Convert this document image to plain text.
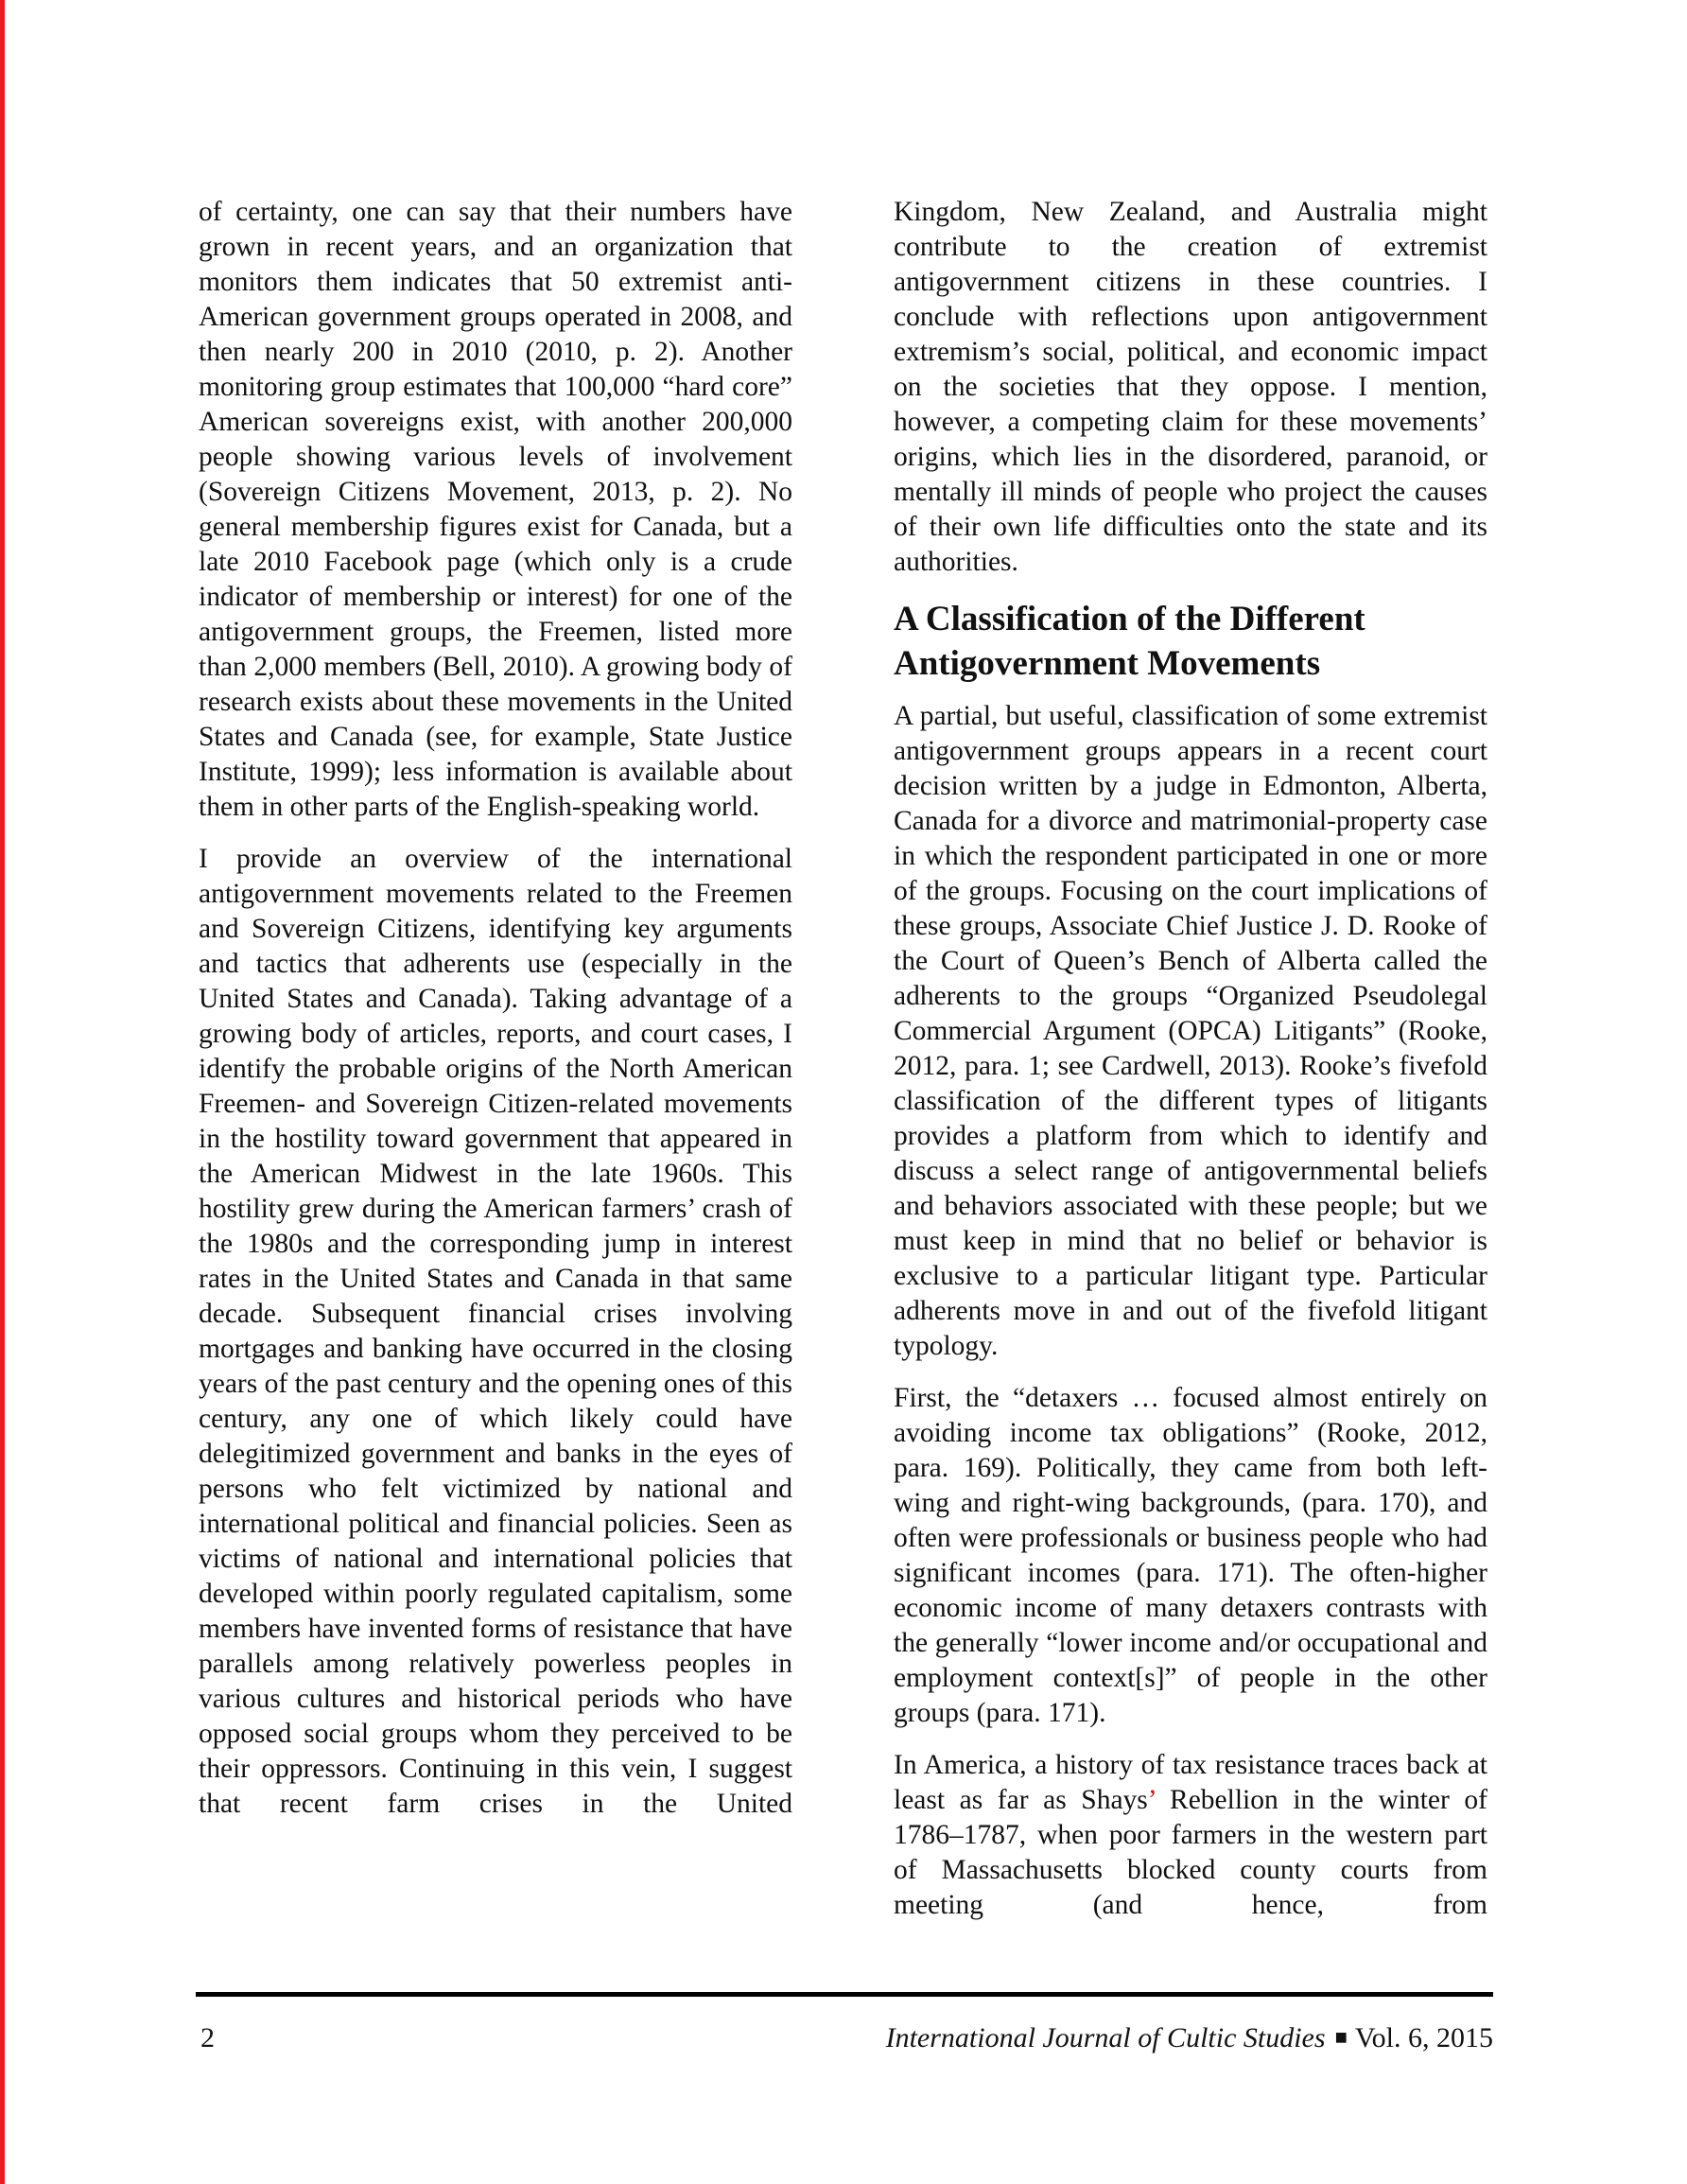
of certainty, one can say that their numbers have grown in recent years, and an organization that monitors them indicates that 50 extremist anti-American government groups operated in 2008, and then nearly 200 in 2010 (2010, p. 2). Another monitoring group estimates that 100,000 “hard core” American sovereigns exist, with another 200,000 people showing various levels of involvement (Sovereign Citizens Movement, 2013, p. 2). No general membership figures exist for Canada, but a late 2010 Facebook page (which only is a crude indicator of membership or interest) for one of the antigovernment groups, the Freemen, listed more than 2,000 members (Bell, 2010). A growing body of research exists about these movements in the United States and Canada (see, for example, State Justice Institute, 1999); less information is available about them in other parts of the English-speaking world.

I provide an overview of the international antigovernment movements related to the Freemen and Sovereign Citizens, identifying key arguments and tactics that adherents use (especially in the United States and Canada). Taking advantage of a growing body of articles, reports, and court cases, I identify the probable origins of the North American Freemen- and Sovereign Citizen-related movements in the hostility toward government that appeared in the American Midwest in the late 1960s. This hostility grew during the American farmers’ crash of the 1980s and the corresponding jump in interest rates in the United States and Canada in that same decade. Subsequent financial crises involving mortgages and banking have occurred in the closing years of the past century and the opening ones of this century, any one of which likely could have delegitimized government and banks in the eyes of persons who felt victimized by national and international political and financial policies. Seen as victims of national and international policies that developed within poorly regulated capitalism, some members have invented forms of resistance that have parallels among relatively powerless peoples in various cultures and historical periods who have opposed social groups whom they perceived to be their oppressors. Continuing in this vein, I suggest that recent farm crises in the United

Kingdom, New Zealand, and Australia might contribute to the creation of extremist antigovernment citizens in these countries. I conclude with reflections upon antigovernment extremism’s social, political, and economic impact on the societies that they oppose. I mention, however, a competing claim for these movements’ origins, which lies in the disordered, paranoid, or mentally ill minds of people who project the causes of their own life difficulties onto the state and its authorities.

A Classification of the Different
Antigovernment Movements

A partial, but useful, classification of some extremist antigovernment groups appears in a recent court decision written by a judge in Edmonton, Alberta, Canada for a divorce and matrimonial-property case in which the respondent participated in one or more of the groups. Focusing on the court implications of these groups, Associate Chief Justice J. D. Rooke of the Court of Queen’s Bench of Alberta called the adherents to the groups “Organized Pseudolegal Commercial Argument (OPCA) Litigants” (Rooke, 2012, para. 1; see Cardwell, 2013). Rooke’s fivefold classification of the different types of litigants provides a platform from which to identify and discuss a select range of antigovernmental beliefs and behaviors associated with these people; but we must keep in mind that no belief or behavior is exclusive to a particular litigant type. Particular adherents move in and out of the fivefold litigant typology.

First, the “detaxers … focused almost entirely on avoiding income tax obligations” (Rooke, 2012, para. 169). Politically, they came from both left-wing and right-wing backgrounds, (para. 170), and often were professionals or business people who had significant incomes (para. 171). The often-higher economic income of many detaxers contrasts with the generally “lower income and/or occupational and employment context[s]” of people in the other groups (para. 171).

In America, a history of tax resistance traces back at least as far as Shays’ Rebellion in the winter of 1786–1787, when poor farmers in the western part of Massachusetts blocked county courts from meeting (and hence, from

2	International Journal of Cultic Studies ■ Vol. 6, 2015
